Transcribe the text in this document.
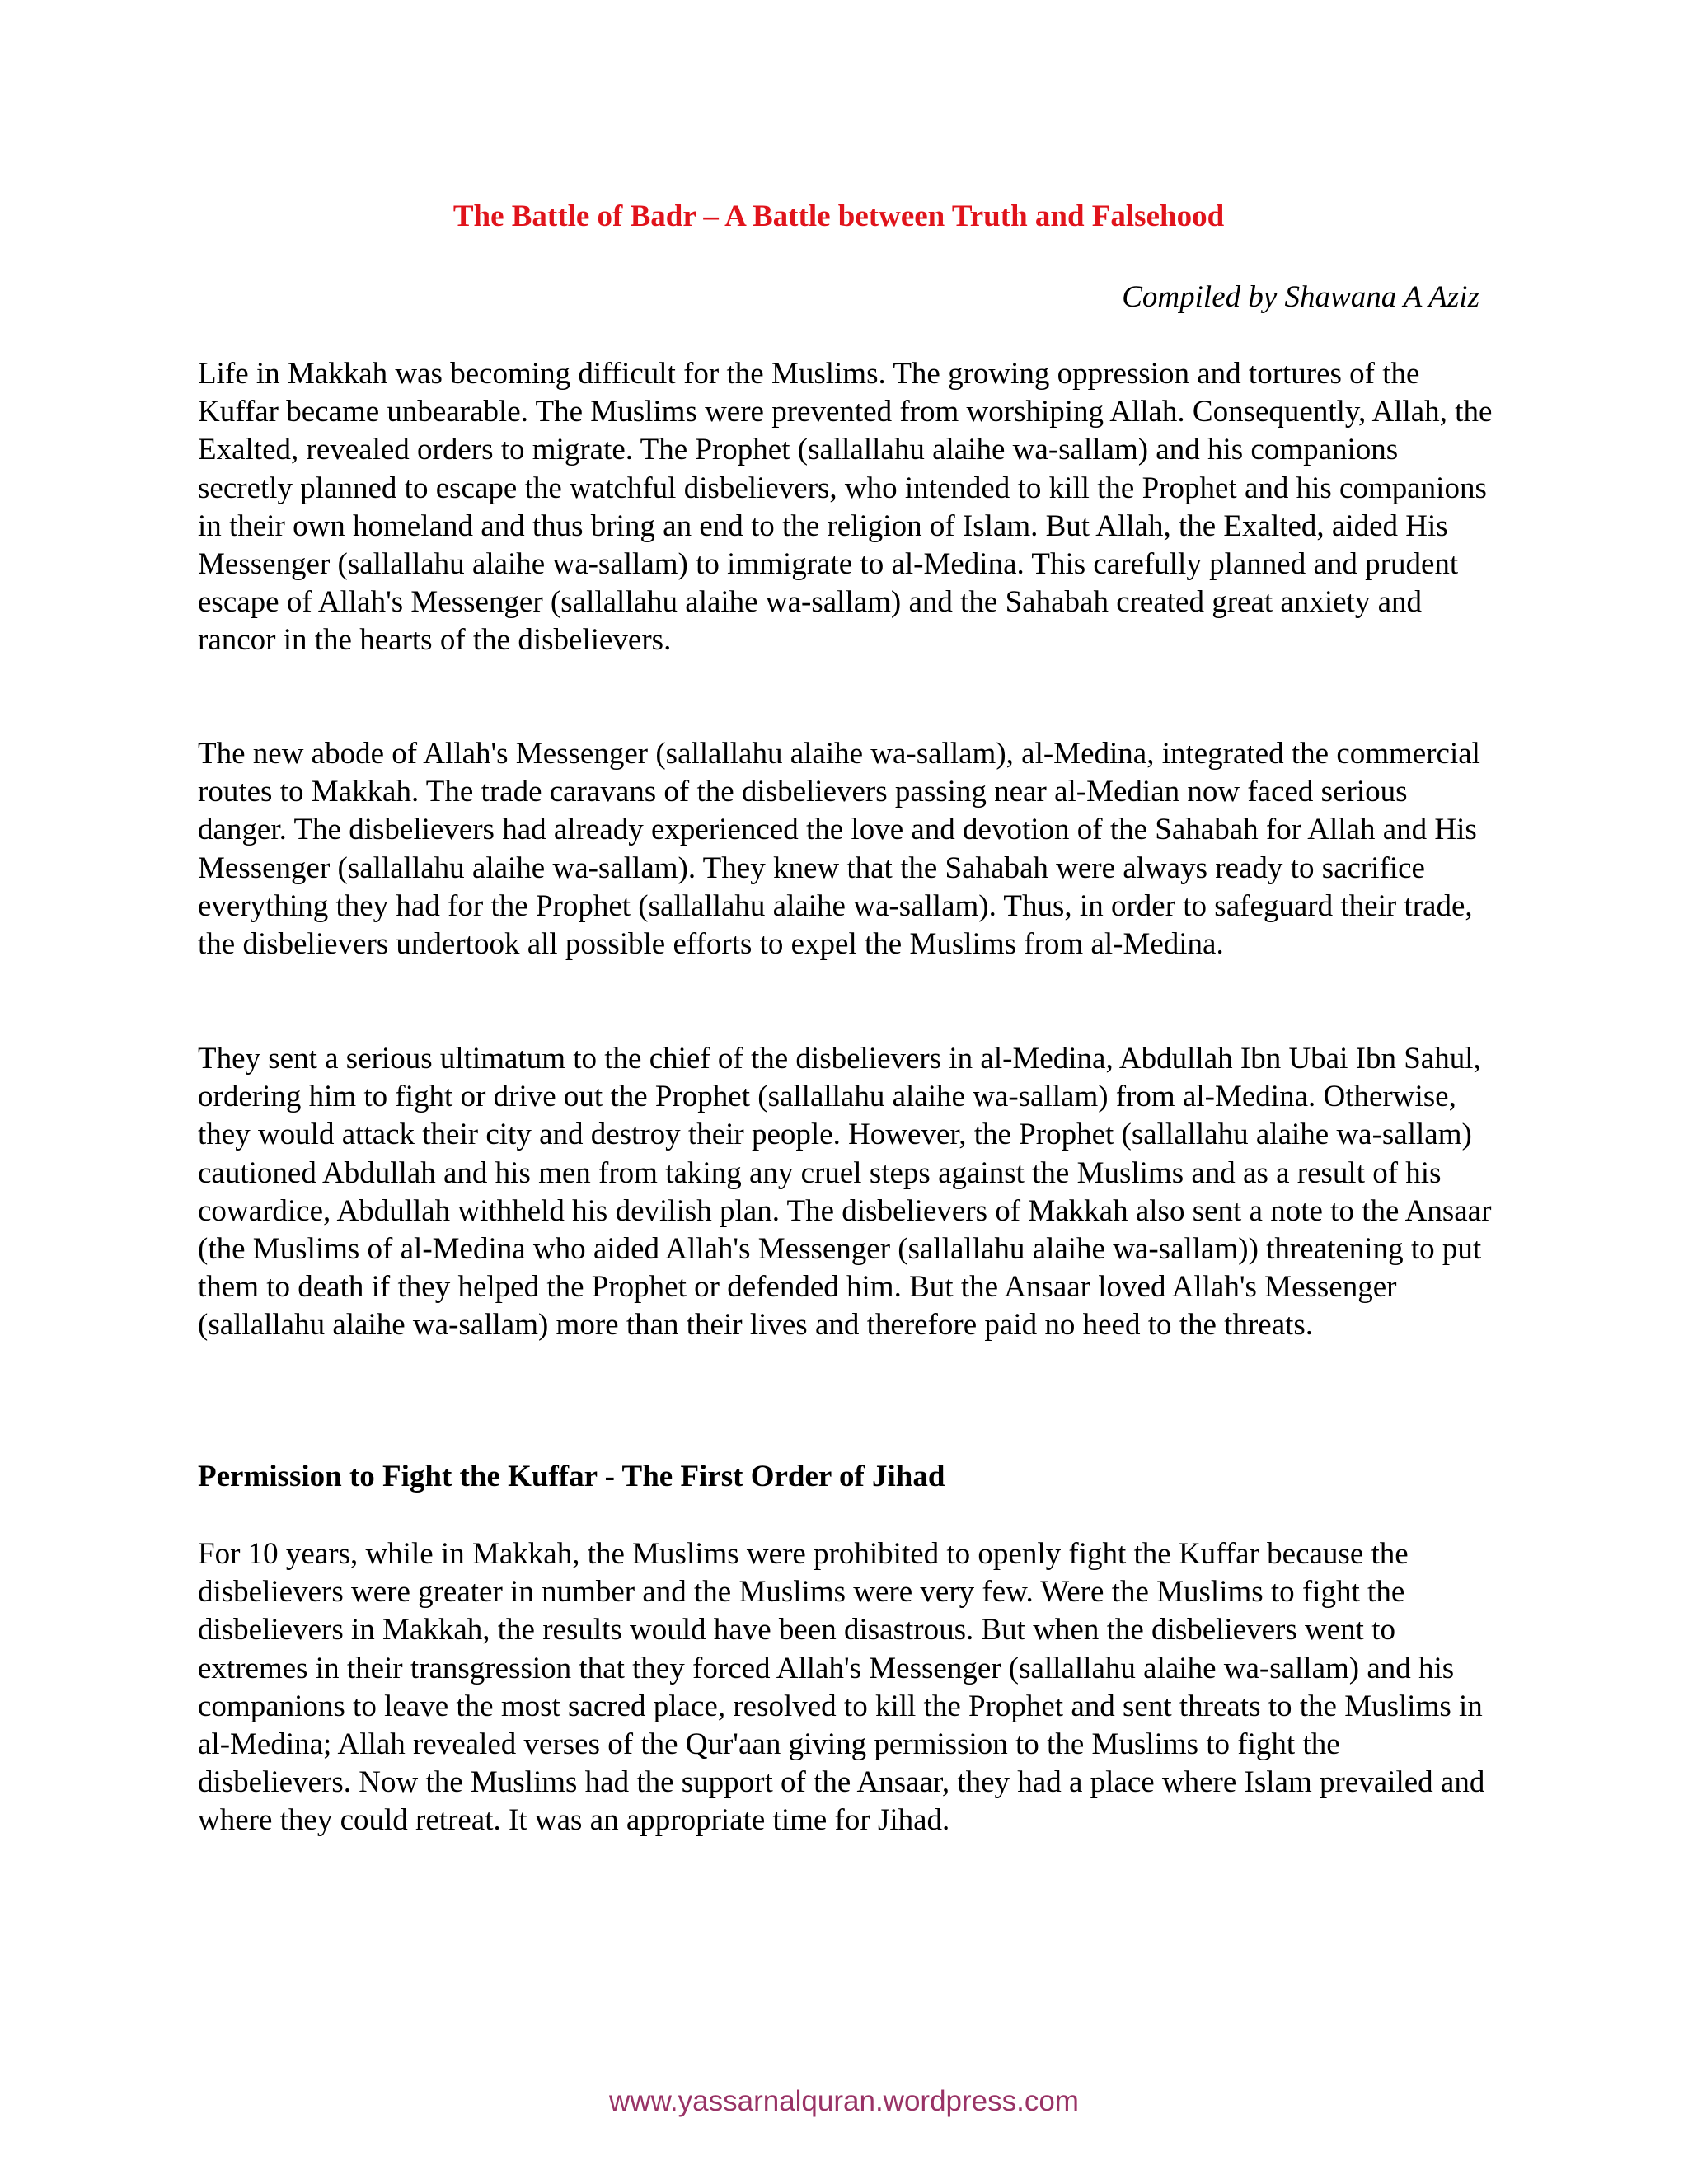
The Battle of Badr – A Battle between Truth and Falsehood

Compiled by Shawana A Aziz

Life in Makkah was becoming difficult for the Muslims. The growing oppression and tortures of the Kuffar became unbearable. The Muslims were prevented from worshiping Allah. Consequently, Allah, the Exalted, revealed orders to migrate. The Prophet (sallallahu alaihe wa-sallam) and his companions secretly planned to escape the watchful disbelievers, who intended to kill the Prophet and his companions in their own homeland and thus bring an end to the religion of Islam. But Allah, the Exalted, aided His Messenger (sallallahu alaihe wa-sallam) to immigrate to al-Medina. This carefully planned and prudent escape of Allah's Messenger (sallallahu alaihe wa-sallam) and the Sahabah created great anxiety and rancor in the hearts of the disbelievers.

The new abode of Allah's Messenger (sallallahu alaihe wa-sallam), al-Medina, integrated the commercial routes to Makkah. The trade caravans of the disbelievers passing near al-Median now faced serious danger. The disbelievers had already experienced the love and devotion of the Sahabah for Allah and His Messenger (sallallahu alaihe wa-sallam). They knew that the Sahabah were always ready to sacrifice everything they had for the Prophet (sallallahu alaihe wa-sallam). Thus, in order to safeguard their trade, the disbelievers undertook all possible efforts to expel the Muslims from al-Medina.

They sent a serious ultimatum to the chief of the disbelievers in al-Medina, Abdullah Ibn Ubai Ibn Sahul, ordering him to fight or drive out the Prophet (sallallahu alaihe wa-sallam) from al-Medina. Otherwise, they would attack their city and destroy their people. However, the Prophet (sallallahu alaihe wa-sallam) cautioned Abdullah and his men from taking any cruel steps against the Muslims and as a result of his cowardice, Abdullah withheld his devilish plan. The disbelievers of Makkah also sent a note to the Ansaar (the Muslims of al-Medina who aided Allah's Messenger (sallallahu alaihe wa-sallam)) threatening to put them to death if they helped the Prophet or defended him. But the Ansaar loved Allah's Messenger (sallallahu alaihe wa-sallam) more than their lives and therefore paid no heed to the threats.

Permission to Fight the Kuffar - The First Order of Jihad

For 10 years, while in Makkah, the Muslims were prohibited to openly fight the Kuffar because the disbelievers were greater in number and the Muslims were very few. Were the Muslims to fight the disbelievers in Makkah, the results would have been disastrous. But when the disbelievers went to extremes in their transgression that they forced Allah's Messenger (sallallahu alaihe wa-sallam) and his companions to leave the most sacred place, resolved to kill the Prophet and sent threats to the Muslims in al-Medina; Allah revealed verses of the Qur'aan giving permission to the Muslims to fight the disbelievers. Now the Muslims had the support of the Ansaar, they had a place where Islam prevailed and where they could retreat. It was an appropriate time for Jihad.

www.yassarnalquran.wordpress.com
